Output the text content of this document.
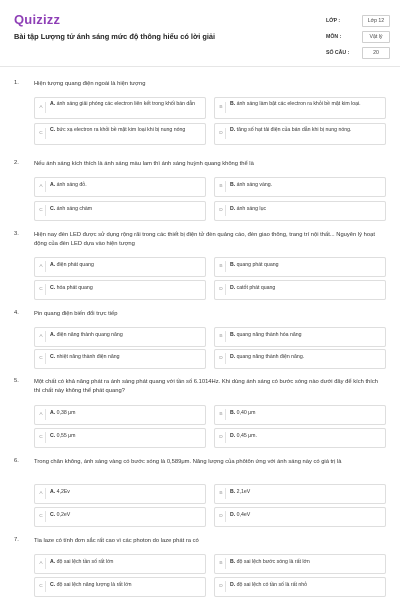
Quizizz
Bài tập Lượng tử ánh sáng mức độ thông hiểu có lời giải
LỚP :	Lớp 12
MÔN :	Vật lý
SỐ CÂU :	20
1.	Hiện tượng quang điện ngoài là hiện tượng
A
A. ánh sáng giải phóng các electron liên kết trong khối bán dẫn
B
B. ánh sáng làm bật các electron ra khỏi bề mặt kim loại.
C
C. bức xạ electron ra khỏi bề mặt kim loại khi bị nung nóng
D
D. tăng số hạt tải điện của bán dẫn khi bị nung nóng.
2.	Nếu ánh sáng kích thích là ánh sáng màu lam thì ánh sáng huỳnh quang không thể là
A	A. ánh sáng đỏ.	B	B. ánh sáng vàng.
C	C. ánh sáng chàm	D	D. ánh sáng lục
3.	Hiện nay đèn LED được sử dụng rộng rãi trong các thiết bị điện tử đèn quảng cáo, đèn giao thông, trang trí nội thất... Nguyên lý hoạt động của đèn LED dựa vào hiện tượng
A	A. điện phát quang	B	B. quang phát quang
C	C. hóa phát quang	D	D. catốt phát quang
4.	Pin quang điện biến đổi trực tiếp
A	A. điện năng thành quang năng	B	B. quang năng thành hóa năng
C	C. nhiệt năng thành điện năng	D	D. quang năng thành điện năng.
5.	Một chất có khả năng phát ra ánh sáng phát quang với tần số 6.1014Hz. Khi dùng ánh sáng có bước sóng nào dưới đây để kích thích thì chất này không thể phát quang?
A	A. 0,38 μm	B	B. 0,40 μm
C	C. 0,55 μm	D	D. 0,45 μm.
6.	Trong chân không, ánh sáng vàng có bước sóng là 0,589μm. Năng lượng của phôtôn ứng với ánh sáng này có giá trị là
A	A. 4,2Ev	B	B. 2,1eV
C	C. 0,2eV	D	D. 0,4eV
7.	Tia laze có tính đơn sắc rất cao vì các photon do laze phát ra có
A	A. độ sai lệch tần số rất lớn	B	B. độ sai lệch bước sóng là rất lớn
C	C. độ sai lệch năng lượng là rất lớn	D	D. độ sai lệch có tần số là rất nhỏ
